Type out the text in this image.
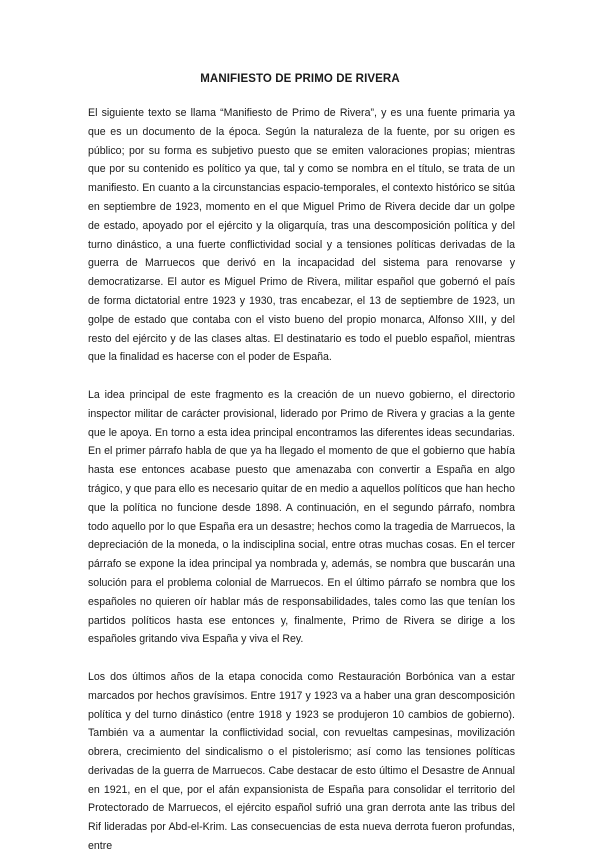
MANIFIESTO DE PRIMO DE RIVERA

El siguiente texto se llama “Manifiesto de Primo de Rivera”, y es una fuente primaria ya que es un documento de la época. Según la naturaleza de la fuente, por su origen es público; por su forma es subjetivo puesto que se emiten valoraciones propias; mientras que por su contenido es político ya que, tal y como se nombra en el título, se trata de un manifiesto. En cuanto a la circunstancias espacio-temporales, el contexto histórico se sitúa en septiembre de 1923, momento en el que Miguel Primo de Rivera decide dar un golpe de estado, apoyado por el ejército y la oligarquía, tras una descomposición política y del turno dinástico, a una fuerte conflictividad social y a tensiones políticas derivadas de la guerra de Marruecos que derivó en la incapacidad del sistema para renovarse y democratizarse. El autor es Miguel Primo de Rivera, militar español que gobernó el país de forma dictatorial entre 1923 y 1930, tras encabezar, el 13 de septiembre de 1923, un golpe de estado que contaba con el visto bueno del propio monarca, Alfonso XIII, y del resto del ejército y de las clases altas. El destinatario es todo el pueblo español, mientras que la finalidad es hacerse con el poder de España.

La idea principal de este fragmento es la creación de un nuevo gobierno, el directorio inspector militar de carácter provisional, liderado por Primo de Rivera y gracias a la gente que le apoya. En torno a esta idea principal encontramos las diferentes ideas secundarias. En el primer párrafo habla de que ya ha llegado el momento de que el gobierno que había hasta ese entonces acabase puesto que amenazaba con convertir a España en algo trágico, y que para ello es necesario quitar de en medio a aquellos políticos que han hecho que la política no funcione desde 1898. A continuación, en el segundo párrafo, nombra todo aquello por lo que España era un desastre; hechos como la tragedia de Marruecos, la depreciación de la moneda, o la indisciplina social, entre otras muchas cosas. En el tercer párrafo se expone la idea principal ya nombrada y, además, se nombra que buscarán una solución para el problema colonial de Marruecos. En el último párrafo se nombra que los españoles no quieren oír hablar más de responsabilidades, tales como las que tenían los partidos políticos hasta ese entonces y, finalmente, Primo de Rivera se dirige a los españoles gritando viva España y viva el Rey.

Los dos últimos años de la etapa conocida como Restauración Borbónica van a estar marcados por hechos gravísimos. Entre 1917 y 1923 va a haber una gran descomposición política y del turno dinástico (entre 1918 y 1923 se produjeron 10 cambios de gobierno). También va a aumentar la conflictividad social, con revueltas campesinas, movilización obrera, crecimiento del sindicalismo o el pistolerismo; así como las tensiones políticas derivadas de la guerra de Marruecos. Cabe destacar de esto último el Desastre de Annual en 1921, en el que, por el afán expansionista de España para consolidar el territorio del Protectorado de Marruecos, el ejército español sufrió una gran derrota ante las tribus del Rif lideradas por Abd-el-Krim. Las consecuencias de esta nueva derrota fueron profundas, entre
